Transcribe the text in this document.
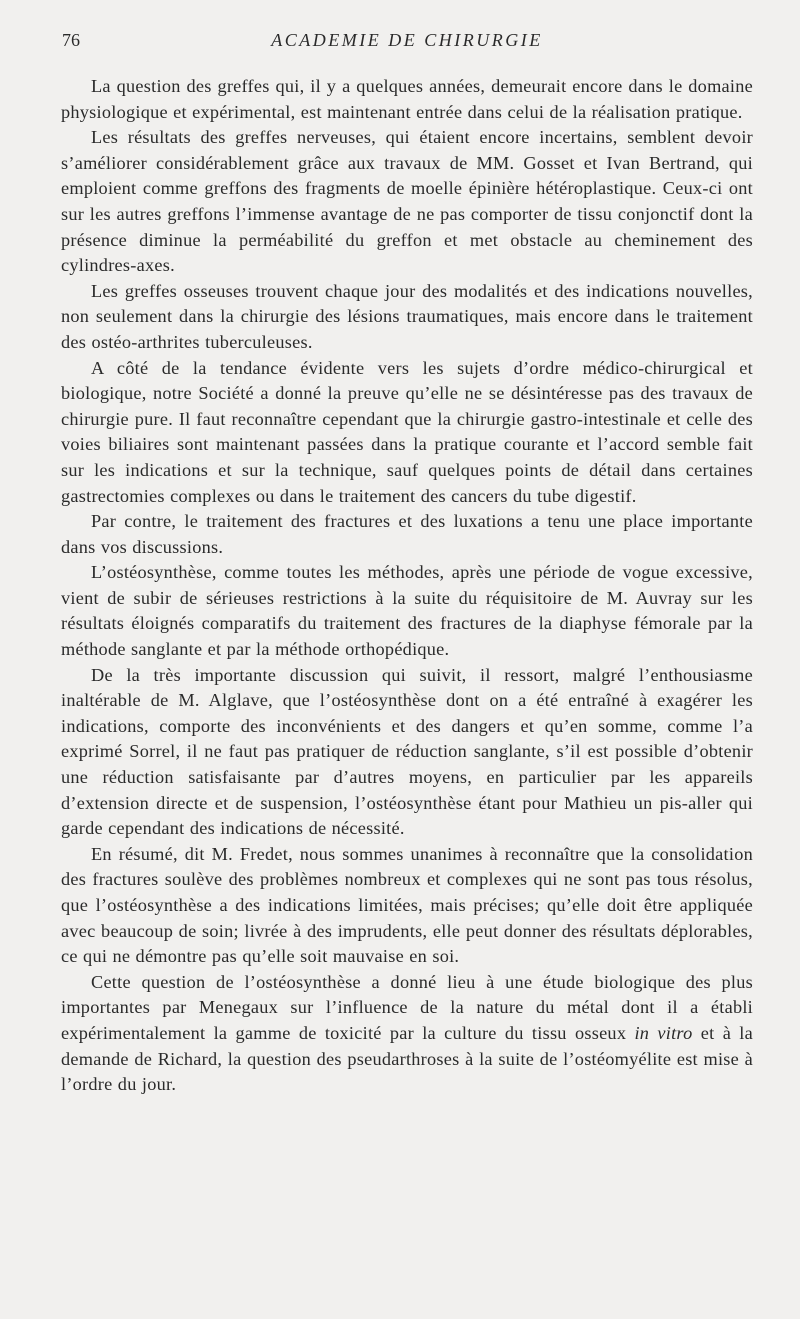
76	ACADEMIE DE CHIRURGIE

La question des greffes qui, il y a quelques années, demeurait encore dans le domaine physiologique et expérimental, est maintenant entrée dans celui de la réalisation pratique.

Les résultats des greffes nerveuses, qui étaient encore incertains, semblent devoir s’améliorer considérablement grâce aux travaux de MM. Gosset et Ivan Bertrand, qui emploient comme greffons des fragments de moelle épinière hétéroplastique. Ceux-ci ont sur les autres greffons l’immense avantage de ne pas comporter de tissu conjonctif dont la présence diminue la perméabilité du greffon et met obstacle au cheminement des cylindres-axes.

Les greffes osseuses trouvent chaque jour des modalités et des indications nouvelles, non seulement dans la chirurgie des lésions traumatiques, mais encore dans le traitement des ostéo-arthrites tuberculeuses.

A côté de la tendance évidente vers les sujets d’ordre médico-chirurgical et biologique, notre Société a donné la preuve qu’elle ne se désintéresse pas des travaux de chirurgie pure. Il faut reconnaître cependant que la chirurgie gastro-intestinale et celle des voies biliaires sont maintenant passées dans la pratique courante et l’accord semble fait sur les indications et sur la technique, sauf quelques points de détail dans certaines gastrectomies complexes ou dans le traitement des cancers du tube digestif.

Par contre, le traitement des fractures et des luxations a tenu une place importante dans vos discussions.

L’ostéosynthèse, comme toutes les méthodes, après une période de vogue excessive, vient de subir de sérieuses restrictions à la suite du réquisitoire de M. Auvray sur les résultats éloignés comparatifs du traitement des fractures de la diaphyse fémorale par la méthode sanglante et par la méthode orthopédique.

De la très importante discussion qui suivit, il ressort, malgré l’enthousiasme inaltérable de M. Alglave, que l’ostéosynthèse dont on a été entraîné à exagérer les indications, comporte des inconvénients et des dangers et qu’en somme, comme l’a exprimé Sorrel, il ne faut pas pratiquer de réduction sanglante, s’il est possible d’obtenir une réduction satisfaisante par d’autres moyens, en particulier par les appareils d’extension directe et de suspension, l’ostéosynthèse étant pour Mathieu un pis-aller qui garde cependant des indications de nécessité.

En résumé, dit M. Fredet, nous sommes unanimes à reconnaître que la consolidation des fractures soulève des problèmes nombreux et complexes qui ne sont pas tous résolus, que l’ostéosynthèse a des indications limitées, mais précises; qu’elle doit être appliquée avec beaucoup de soin; livrée à des imprudents, elle peut donner des résultats déplorables, ce qui ne démontre pas qu’elle soit mauvaise en soi.

Cette question de l’ostéosynthèse a donné lieu à une étude biologique des plus importantes par Menegaux sur l’influence de la nature du métal dont il a établi expérimentalement la gamme de toxicité par la culture du tissu osseux in vitro et à la demande de Richard, la question des pseudarthroses à la suite de l’ostéomyélite est mise à l’ordre du jour.
